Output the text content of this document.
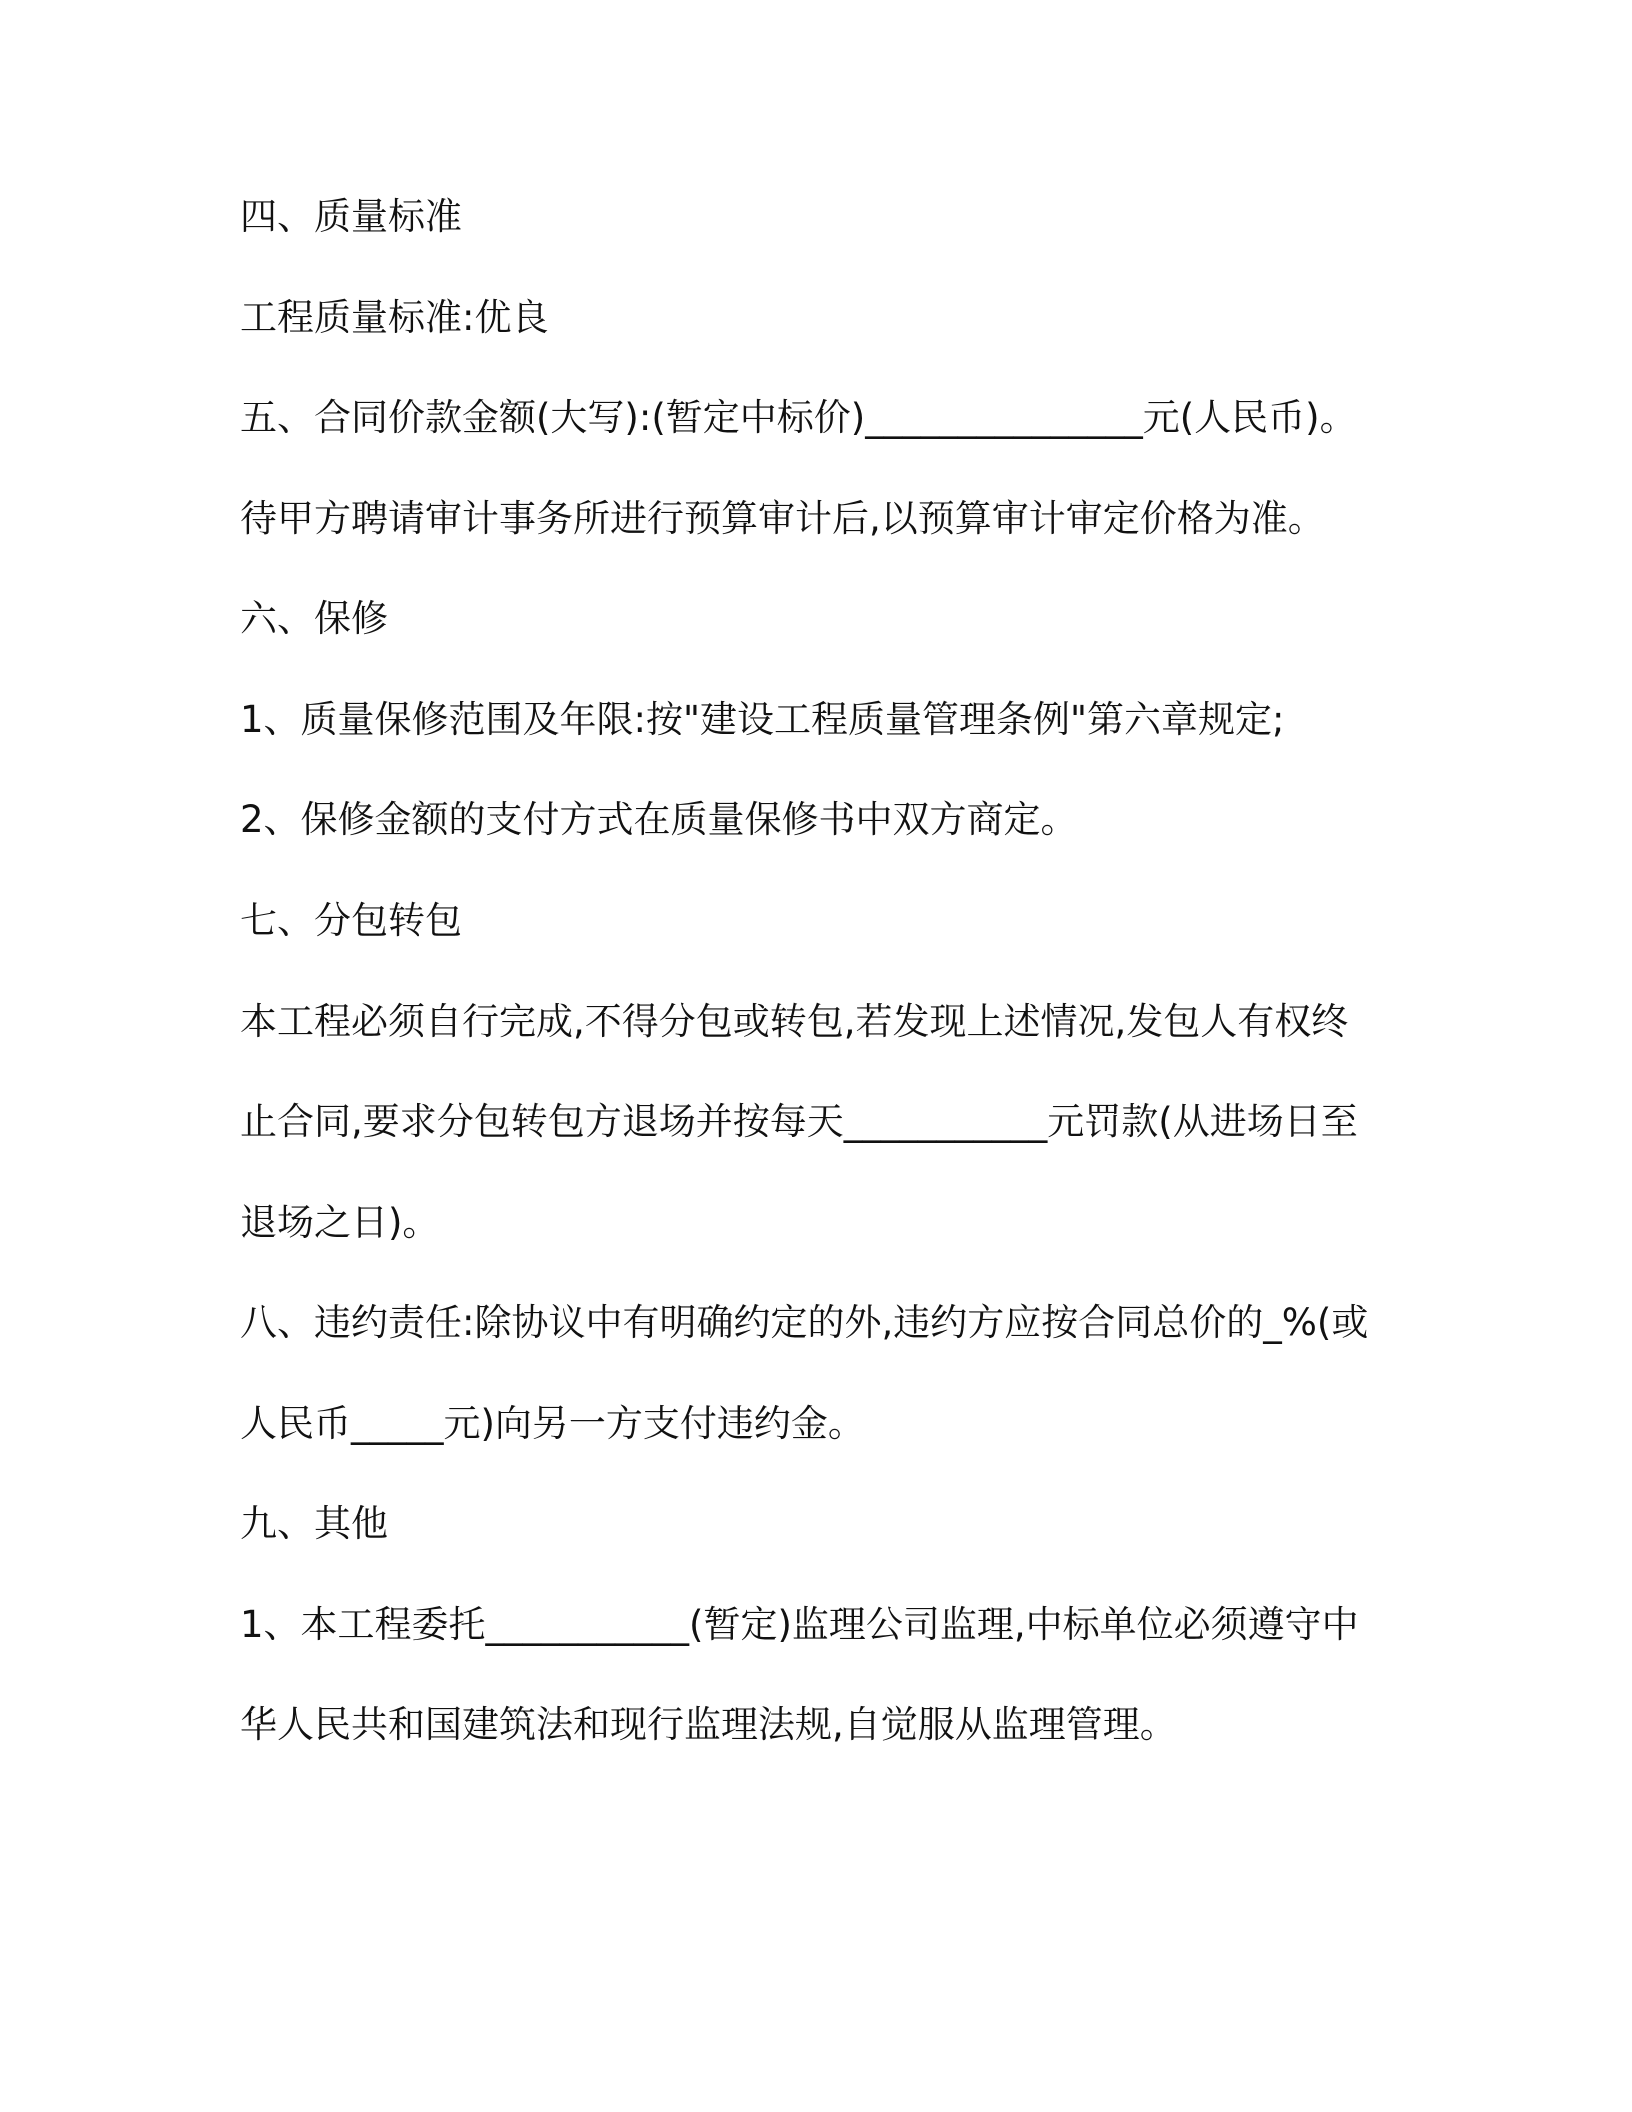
四、质量标准
工程质量标准:优良
五、合同价款金额(大写):(暂定中标价)_______________元(人民币)。
待甲方聘请审计事务所进行预算审计后,以预算审计审定价格为准。
六、保修
1、质量保修范围及年限:按"建设工程质量管理条例"第六章规定;
2、保修金额的支付方式在质量保修书中双方商定。
七、分包转包
本工程必须自行完成,不得分包或转包,若发现上述情况,发包人有权终
止合同,要求分包转包方退场并按每天___________元罚款(从进场日至
退场之日)。
八、违约责任:除协议中有明确约定的外,违约方应按合同总价的_%(或
人民币_____元)向另一方支付违约金。
九、其他
1、本工程委托___________(暂定)监理公司监理,中标单位必须遵守中
华人民共和国建筑法和现行监理法规,自觉服从监理管理。
